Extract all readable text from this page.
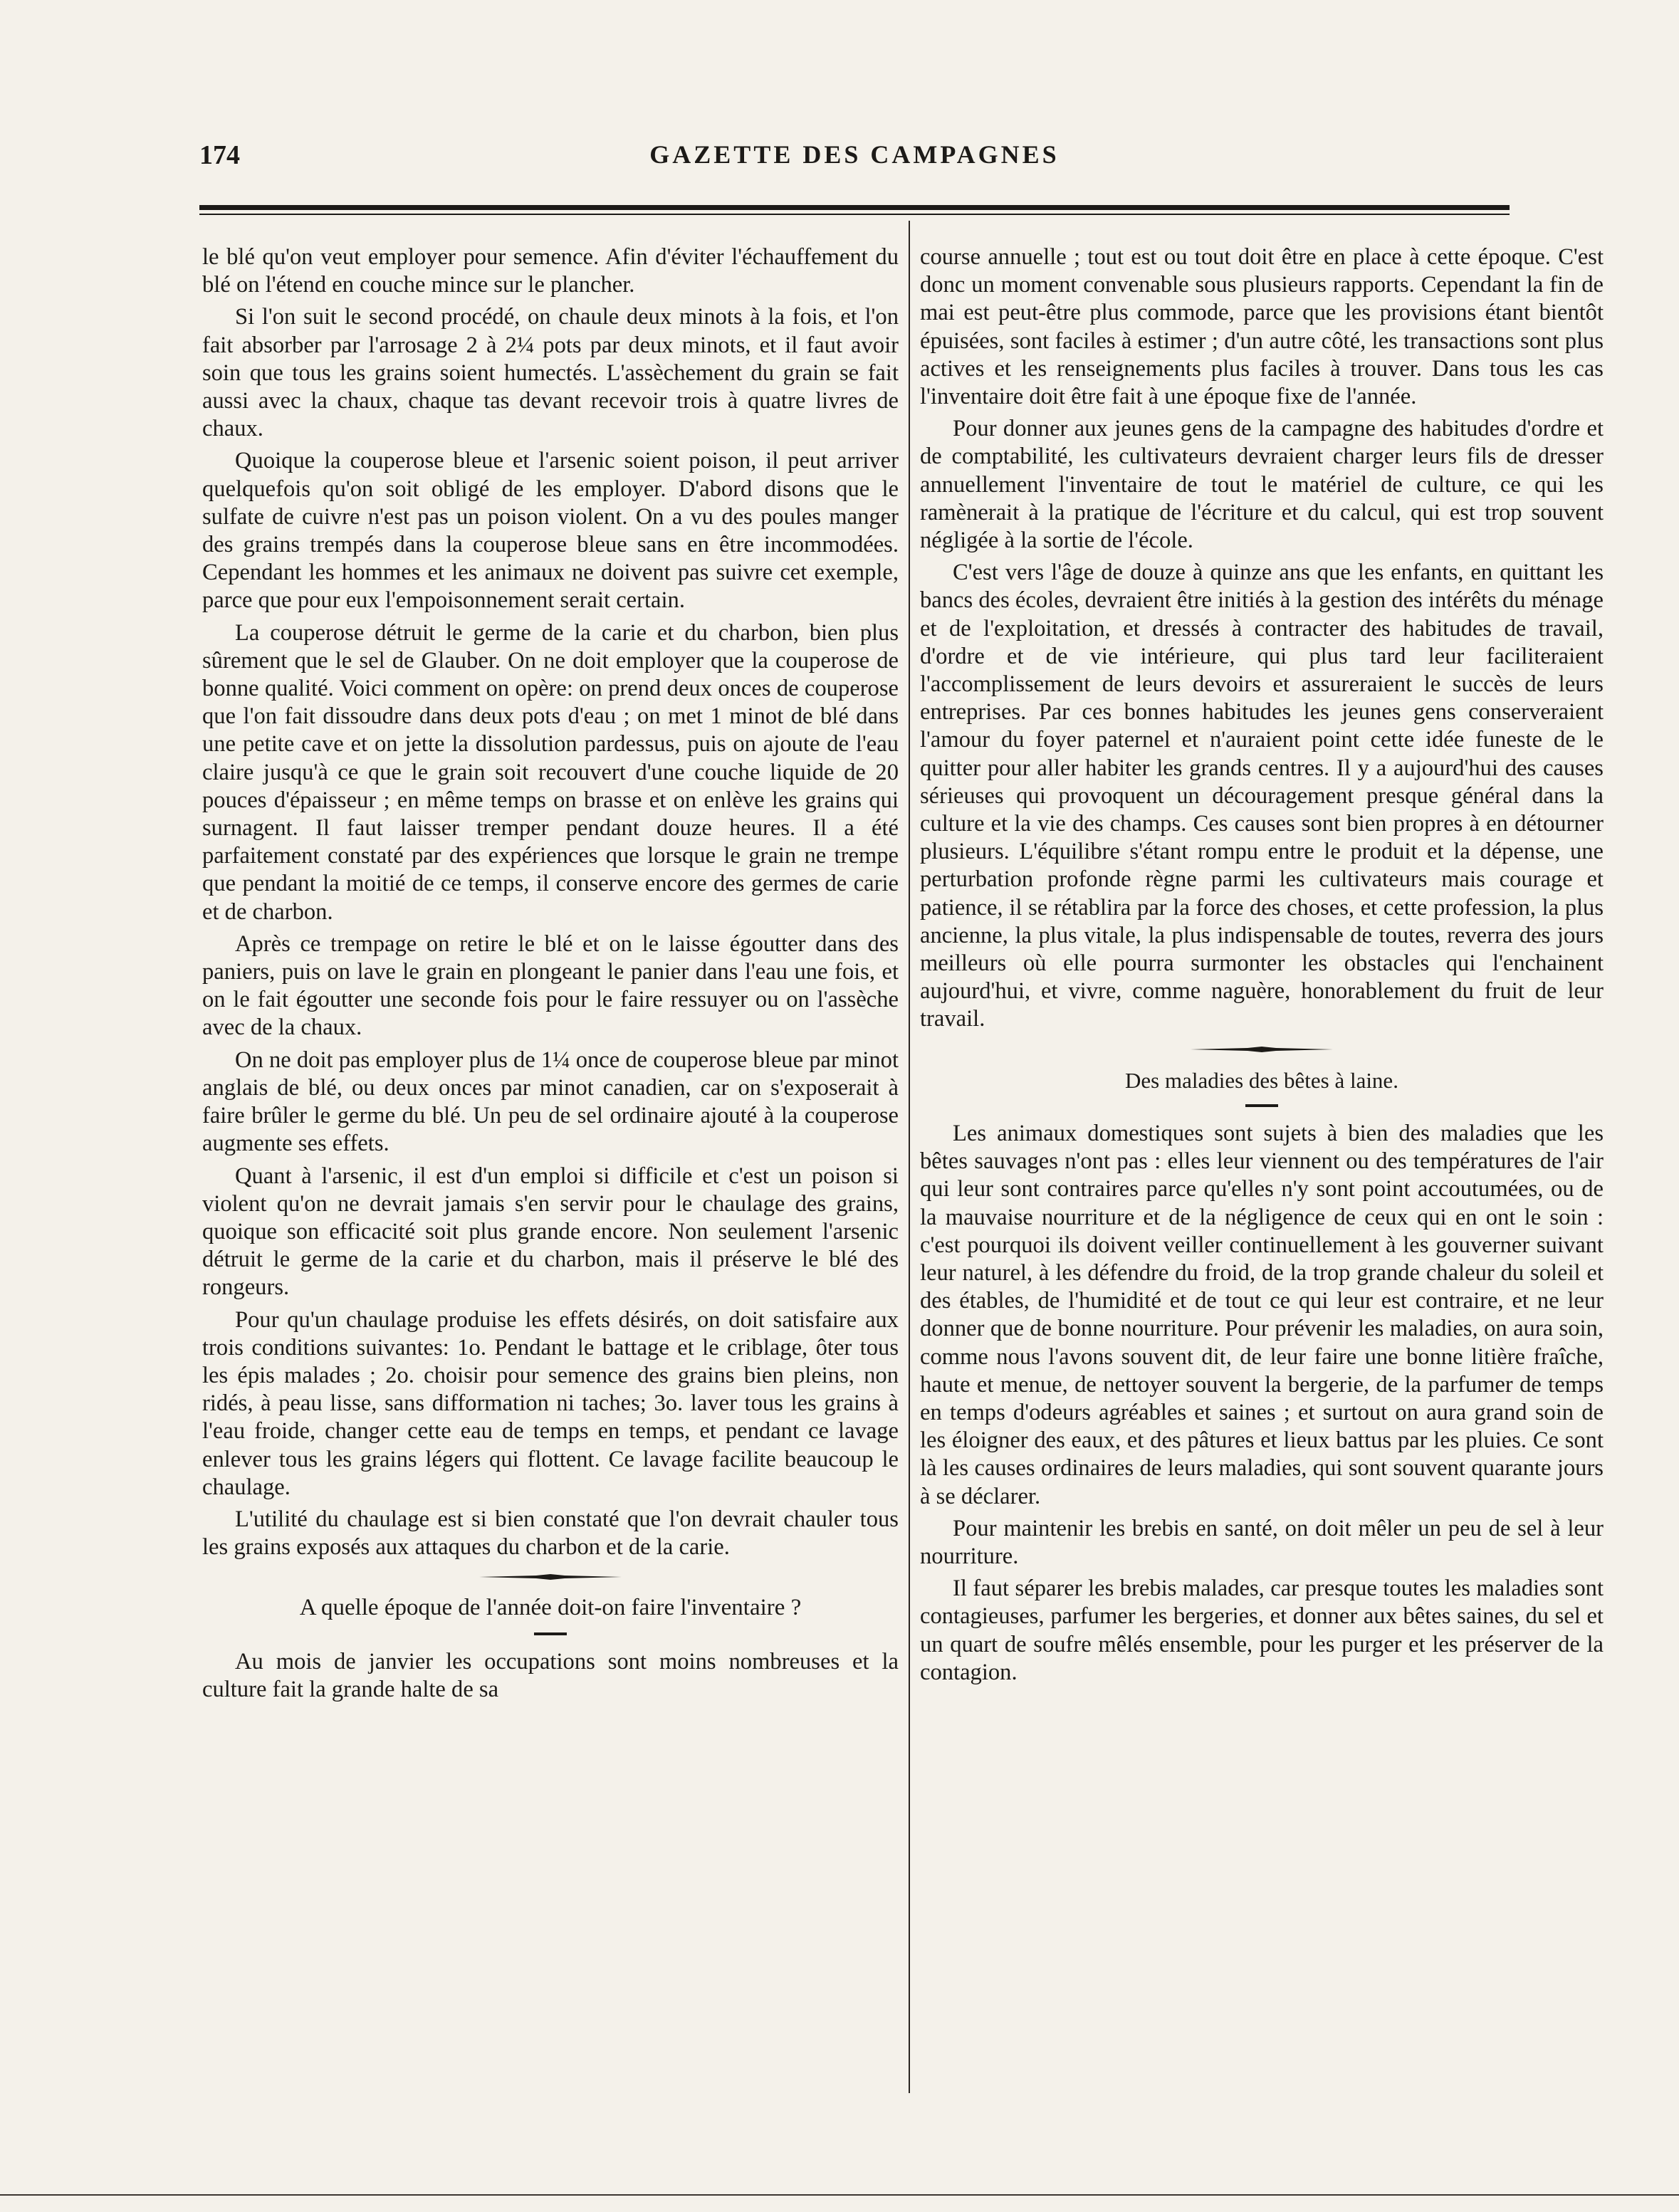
174	GAZETTE DES CAMPAGNES

le blé qu'on veut employer pour semence. Afin d'éviter l'échauffement du blé on l'étend en couche mince sur le plancher.

Si l'on suit le second procédé, on chaule deux minots à la fois, et l'on fait absorber par l'arrosage 2 à 2¼ pots par deux minots, et il faut avoir soin que tous les grains soient humectés. L'assèchement du grain se fait aussi avec la chaux, chaque tas devant recevoir trois à quatre livres de chaux.

Quoique la couperose bleue et l'arsenic soient poison, il peut arriver quelquefois qu'on soit obligé de les employer. D'abord disons que le sulfate de cuivre n'est pas un poison violent. On a vu des poules manger des grains trempés dans la couperose bleue sans en être incommodées. Cependant les hommes et les animaux ne doivent pas suivre cet exemple, parce que pour eux l'empoisonnement serait certain.

La couperose détruit le germe de la carie et du charbon, bien plus sûrement que le sel de Glauber. On ne doit employer que la couperose de bonne qualité. Voici comment on opère: on prend deux onces de couperose que l'on fait dissoudre dans deux pots d'eau ; on met 1 minot de blé dans une petite cave et on jette la dissolution pardessus, puis on ajoute de l'eau claire jusqu'à ce que le grain soit recouvert d'une couche liquide de 20 pouces d'épaisseur ; en même temps on brasse et on enlève les grains qui surnagent. Il faut laisser tremper pendant douze heures. Il a été parfaitement constaté par des expériences que lorsque le grain ne trempe que pendant la moitié de ce temps, il conserve encore des germes de carie et de charbon.

Après ce trempage on retire le blé et on le laisse égoutter dans des paniers, puis on lave le grain en plongeant le panier dans l'eau une fois, et on le fait égoutter une seconde fois pour le faire ressuyer ou on l'assèche avec de la chaux.

On ne doit pas employer plus de 1¼ once de couperose bleue par minot anglais de blé, ou deux onces par minot canadien, car on s'exposerait à faire brûler le germe du blé. Un peu de sel ordinaire ajouté à la couperose augmente ses effets.

Quant à l'arsenic, il est d'un emploi si difficile et c'est un poison si violent qu'on ne devrait jamais s'en servir pour le chaulage des grains, quoique son efficacité soit plus grande encore. Non seulement l'arsenic détruit le germe de la carie et du charbon, mais il préserve le blé des rongeurs.

Pour qu'un chaulage produise les effets désirés, on doit satisfaire aux trois conditions suivantes: 1o. Pendant le battage et le criblage, ôter tous les épis malades ; 2o. choisir pour semence des grains bien pleins, non ridés, à peau lisse, sans difformation ni taches; 3o. laver tous les grains à l'eau froide, changer cette eau de temps en temps, et pendant ce lavage enlever tous les grains légers qui flottent. Ce lavage facilite beaucoup le chaulage.

L'utilité du chaulage est si bien constaté que l'on devrait chauler tous les grains exposés aux attaques du charbon et de la carie.

A quelle époque de l'année doit-on faire l'inventaire ?

Au mois de janvier les occupations sont moins nombreuses et la culture fait la grande halte de sa

course annuelle ; tout est ou tout doit être en place à cette époque. C'est donc un moment convenable sous plusieurs rapports. Cependant la fin de mai est peut-être plus commode, parce que les provisions étant bientôt épuisées, sont faciles à estimer ; d'un autre côté, les transactions sont plus actives et les renseignements plus faciles à trouver. Dans tous les cas l'inventaire doit être fait à une époque fixe de l'année.

Pour donner aux jeunes gens de la campagne des habitudes d'ordre et de comptabilité, les cultivateurs devraient charger leurs fils de dresser annuellement l'inventaire de tout le matériel de culture, ce qui les ramènerait à la pratique de l'écriture et du calcul, qui est trop souvent négligée à la sortie de l'école.

C'est vers l'âge de douze à quinze ans que les enfants, en quittant les bancs des écoles, devraient être initiés à la gestion des intérêts du ménage et de l'exploitation, et dressés à contracter des habitudes de travail, d'ordre et de vie intérieure, qui plus tard leur faciliteraient l'accomplissement de leurs devoirs et assureraient le succès de leurs entreprises. Par ces bonnes habitudes les jeunes gens conserveraient l'amour du foyer paternel et n'auraient point cette idée funeste de le quitter pour aller habiter les grands centres. Il y a aujourd'hui des causes sérieuses qui provoquent un découragement presque général dans la culture et la vie des champs. Ces causes sont bien propres à en détourner plusieurs. L'équilibre s'étant rompu entre le produit et la dépense, une perturbation profonde règne parmi les cultivateurs mais courage et patience, il se rétablira par la force des choses, et cette profession, la plus ancienne, la plus vitale, la plus indispensable de toutes, reverra des jours meilleurs où elle pourra surmonter les obstacles qui l'enchainent aujourd'hui, et vivre, comme naguère, honorablement du fruit de leur travail.

Des maladies des bêtes à laine.

Les animaux domestiques sont sujets à bien des maladies que les bêtes sauvages n'ont pas : elles leur viennent ou des températures de l'air qui leur sont contraires parce qu'elles n'y sont point accoutumées, ou de la mauvaise nourriture et de la négligence de ceux qui en ont le soin : c'est pourquoi ils doivent veiller continuellement à les gouverner suivant leur naturel, à les défendre du froid, de la trop grande chaleur du soleil et des étables, de l'humidité et de tout ce qui leur est contraire, et ne leur donner que de bonne nourriture. Pour prévenir les maladies, on aura soin, comme nous l'avons souvent dit, de leur faire une bonne litière fraîche, haute et menue, de nettoyer souvent la bergerie, de la parfumer de temps en temps d'odeurs agréables et saines ; et surtout on aura grand soin de les éloigner des eaux, et des pâtures et lieux battus par les pluies. Ce sont là les causes ordinaires de leurs maladies, qui sont souvent quarante jours à se déclarer.

Pour maintenir les brebis en santé, on doit mêler un peu de sel à leur nourriture.

Il faut séparer les brebis malades, car presque toutes les maladies sont contagieuses, parfumer les bergeries, et donner aux bêtes saines, du sel et un quart de soufre mêlés ensemble, pour les purger et les préserver de la contagion.
